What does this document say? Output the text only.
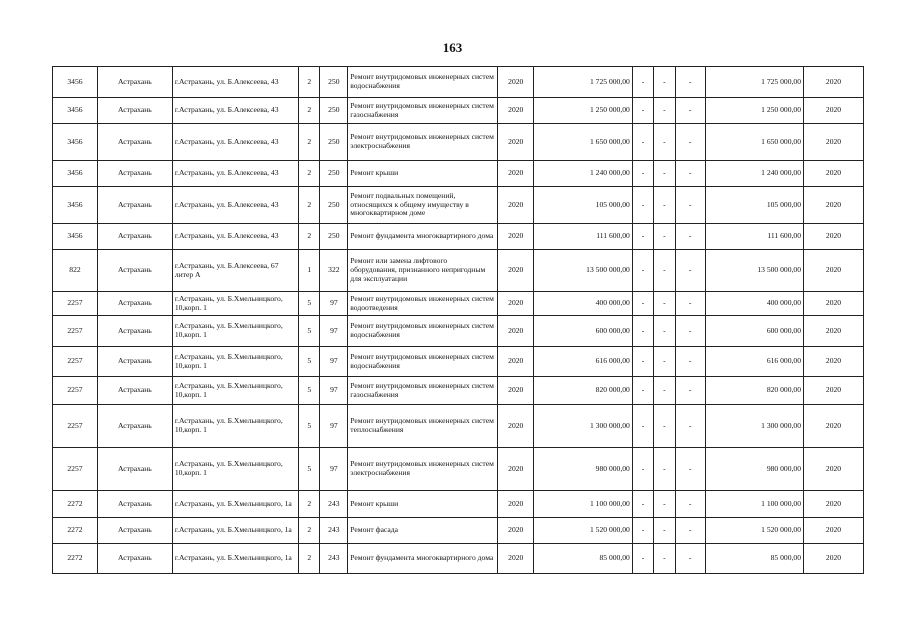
163
3456	Астрахань	г.Астрахань, ул. Б.Алексеева, 43	2	250	Ремонт внутридомовых инженерных систем водоснабжения	2020	1 725 000,00	-	-	-	1 725 000,00	2020
3456	Астрахань	г.Астрахань, ул. Б.Алексеева, 43	2	250	Ремонт внутридомовых инженерных систем газоснабжения	2020	1 250 000,00	-	-	-	1 250 000,00	2020
3456	Астрахань	г.Астрахань, ул. Б.Алексеева, 43	2	250	Ремонт внутридомовых инженерных систем электроснабжения	2020	1 650 000,00	-	-	-	1 650 000,00	2020
3456	Астрахань	г.Астрахань, ул. Б.Алексеева, 43	2	250	Ремонт крыши	2020	1 240 000,00	-	-	-	1 240 000,00	2020
3456	Астрахань	г.Астрахань, ул. Б.Алексеева, 43	2	250	Ремонт подвальных помещений, относящихся к общему имуществу в многоквартирном доме	2020	105 000,00	-	-	-	105 000,00	2020
3456	Астрахань	г.Астрахань, ул. Б.Алексеева, 43	2	250	Ремонт фундамента многоквартирного дома	2020	111 600,00	-	-	-	111 600,00	2020
822	Астрахань	г.Астрахань, ул. Б.Алексеева, 67 литер А	1	322	Ремонт или замена лифтового оборудования, признанного непригодным для эксплуатации	2020	13 500 000,00	-	-	-	13 500 000,00	2020
2257	Астрахань	г.Астрахань, ул. Б.Хмельницкого, 10,корп. 1	5	97	Ремонт внутридомовых инженерных систем водоотведения	2020	400 000,00	-	-	-	400 000,00	2020
2257	Астрахань	г.Астрахань, ул. Б.Хмельницкого, 10,корп. 1	5	97	Ремонт внутридомовых инженерных систем водоснабжения	2020	600 000,00	-	-	-	600 000,00	2020
2257	Астрахань	г.Астрахань, ул. Б.Хмельницкого, 10,корп. 1	5	97	Ремонт внутридомовых инженерных систем водоснабжения	2020	616 000,00	-	-	-	616 000,00	2020
2257	Астрахань	г.Астрахань, ул. Б.Хмельницкого, 10,корп. 1	5	97	Ремонт внутридомовых инженерных систем газоснабжения	2020	820 000,00	-	-	-	820 000,00	2020
2257	Астрахань	г.Астрахань, ул. Б.Хмельницкого, 10,корп. 1	5	97	Ремонт внутридомовых инженерных систем теплоснабжения	2020	1 300 000,00	-	-	-	1 300 000,00	2020
2257	Астрахань	г.Астрахань, ул. Б.Хмельницкого, 10,корп. 1	5	97	Ремонт внутридомовых инженерных систем электроснабжения	2020	980 000,00	-	-	-	980 000,00	2020
2272	Астрахань	г.Астрахань, ул. Б.Хмельницкого, 1а	2	243	Ремонт крыши	2020	1 100 000,00	-	-	-	1 100 000,00	2020
2272	Астрахань	г.Астрахань, ул. Б.Хмельницкого, 1а	2	243	Ремонт фасада	2020	1 520 000,00	-	-	-	1 520 000,00	2020
2272	Астрахань	г.Астрахань, ул. Б.Хмельницкого, 1а	2	243	Ремонт фундамента многоквартирного дома	2020	85 000,00	-	-	-	85 000,00	2020
